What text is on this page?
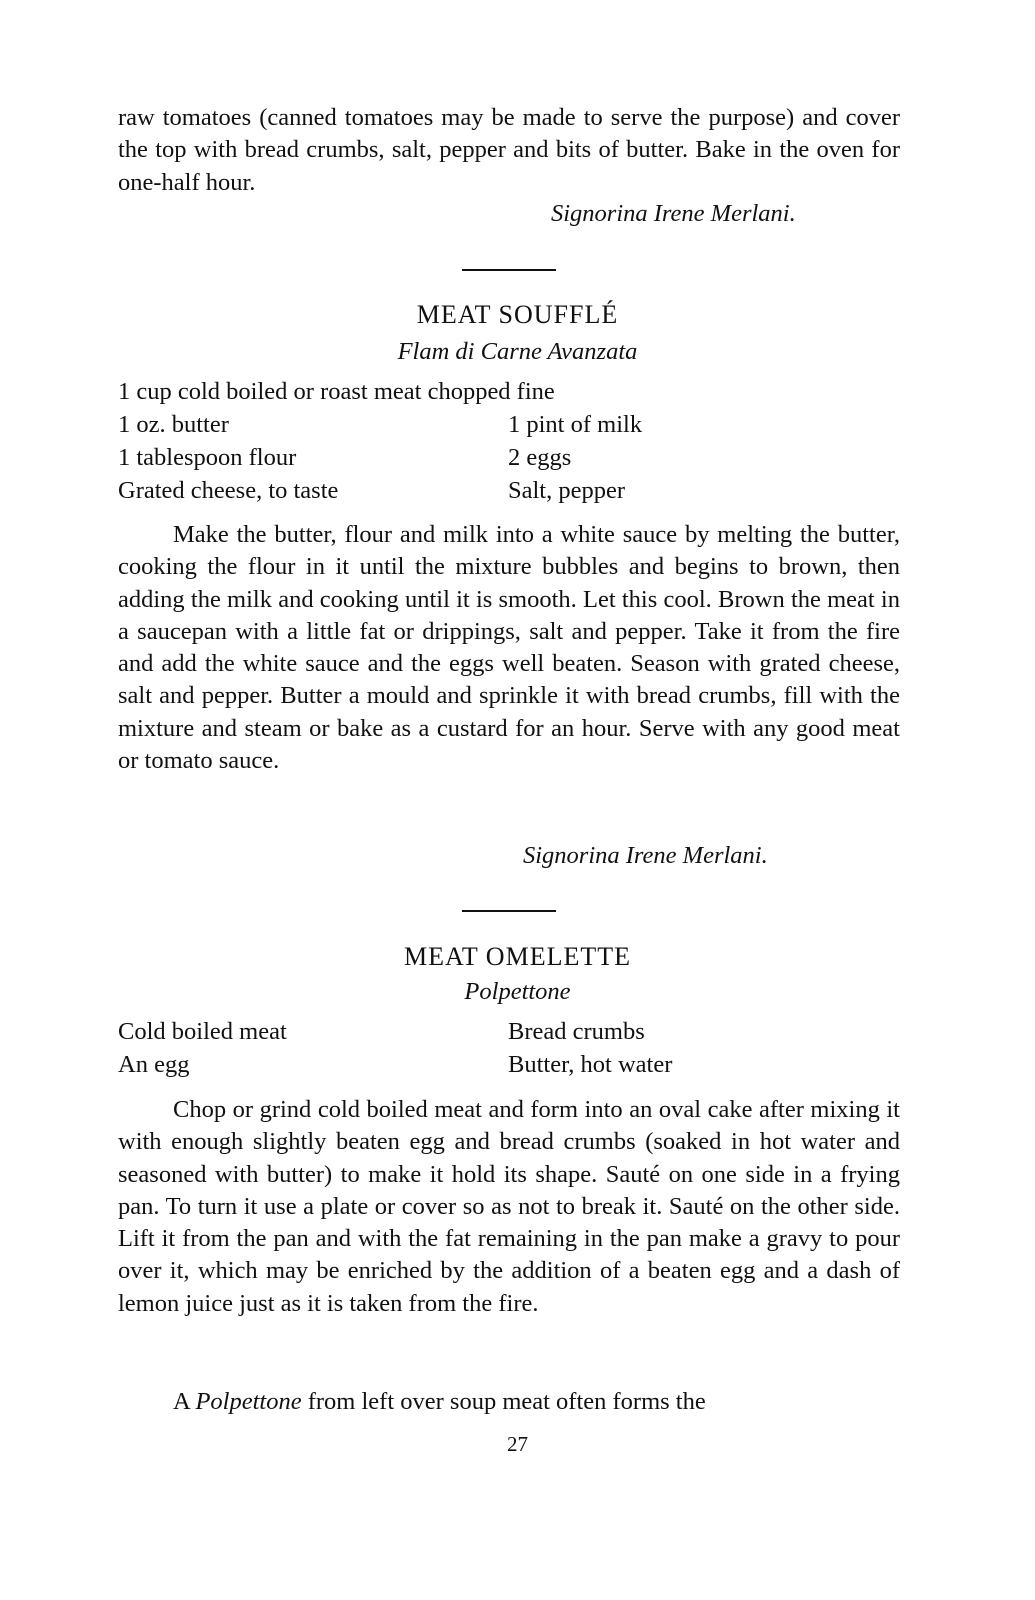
raw tomatoes (canned tomatoes may be made to serve the purpose) and cover the top with bread crumbs, salt, pepper and bits of butter. Bake in the oven for one-half hour.

Signorina Irene Merlani.
MEAT SOUFFLÉ
Flam di Carne Avanzata
1 cup cold boiled or roast meat chopped fine
1 oz. butter
1 tablespoon flour
Grated cheese, to taste
1 pint of milk
2 eggs
Salt, pepper

Make the butter, flour and milk into a white sauce by melting the butter, cooking the flour in it until the mixture bubbles and begins to brown, then adding the milk and cooking until it is smooth. Let this cool. Brown the meat in a saucepan with a little fat or drippings, salt and pepper. Take it from the fire and add the white sauce and the eggs well beaten. Season with grated cheese, salt and pepper. Butter a mould and sprinkle it with bread crumbs, fill with the mixture and steam or bake as a custard for an hour. Serve with any good meat or tomato sauce.

Signorina Irene Merlani.
MEAT OMELETTE
Polpettone
Cold boiled meat
An egg
Bread crumbs
Butter, hot water

Chop or grind cold boiled meat and form into an oval cake after mixing it with enough slightly beaten egg and bread crumbs (soaked in hot water and seasoned with butter) to make it hold its shape. Sauté on one side in a frying pan. To turn it use a plate or cover so as not to break it. Sauté on the other side. Lift it from the pan and with the fat remaining in the pan make a gravy to pour over it, which may be enriched by the addition of a beaten egg and a dash of lemon juice just as it is taken from the fire.

A Polpettone from left over soup meat often forms the

27
